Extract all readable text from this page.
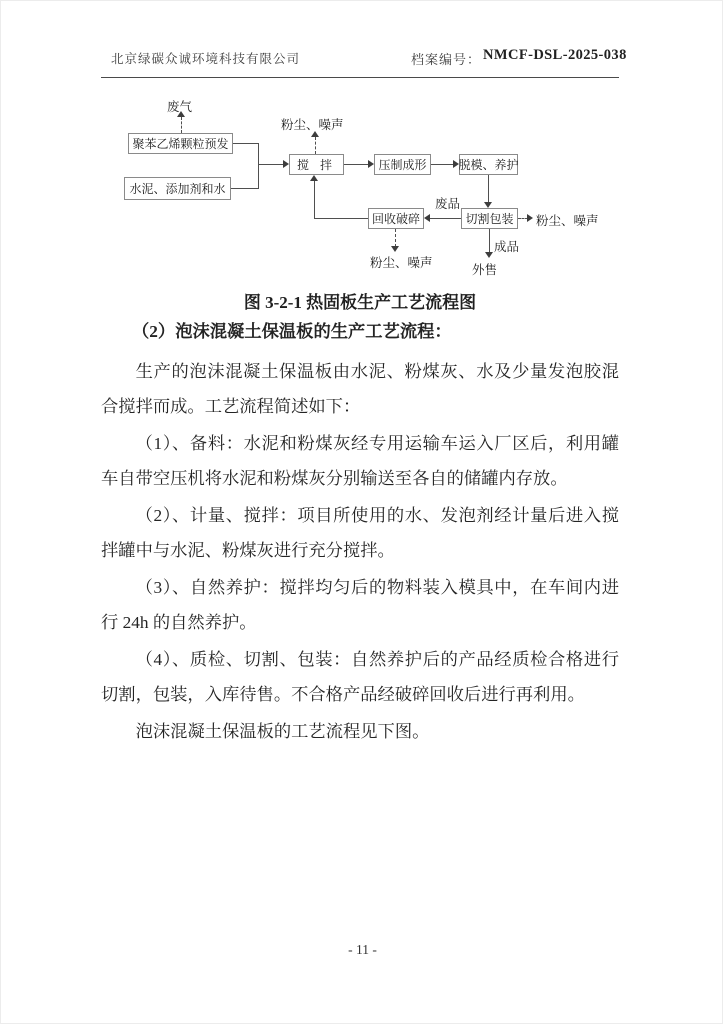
北京绿碳众诚环境科技有限公司	档案编号： NMCF-DSL-2025-038
聚苯乙烯颗粒预发
水泥、添加剂和水
搅 拌	压制成形	脱模、养护
回收破碎	切割包装
废气
粉尘、噪声
废品
粉尘、噪声
成品
粉尘、噪声	外售
图 3-2-1 热固板生产工艺流程图
（2）泡沫混凝土保温板的生产工艺流程：

生产的泡沫混凝土保温板由水泥、粉煤灰、水及少量发泡胶混合搅拌而成。工艺流程简述如下：

（1）、备料：水泥和粉煤灰经专用运输车运入厂区后，利用罐车自带空压机将水泥和粉煤灰分别输送至各自的储罐内存放。

（2）、计量、搅拌：项目所使用的水、发泡剂经计量后进入搅拌罐中与水泥、粉煤灰进行充分搅拌。

（3）、自然养护：搅拌均匀后的物料装入模具中，在车间内进行 24h 的自然养护。

（4）、质检、切割、包装：自然养护后的产品经质检合格进行切割，包装，入库待售。不合格产品经破碎回收后进行再利用。

泡沫混凝土保温板的工艺流程见下图。

- 11 -
